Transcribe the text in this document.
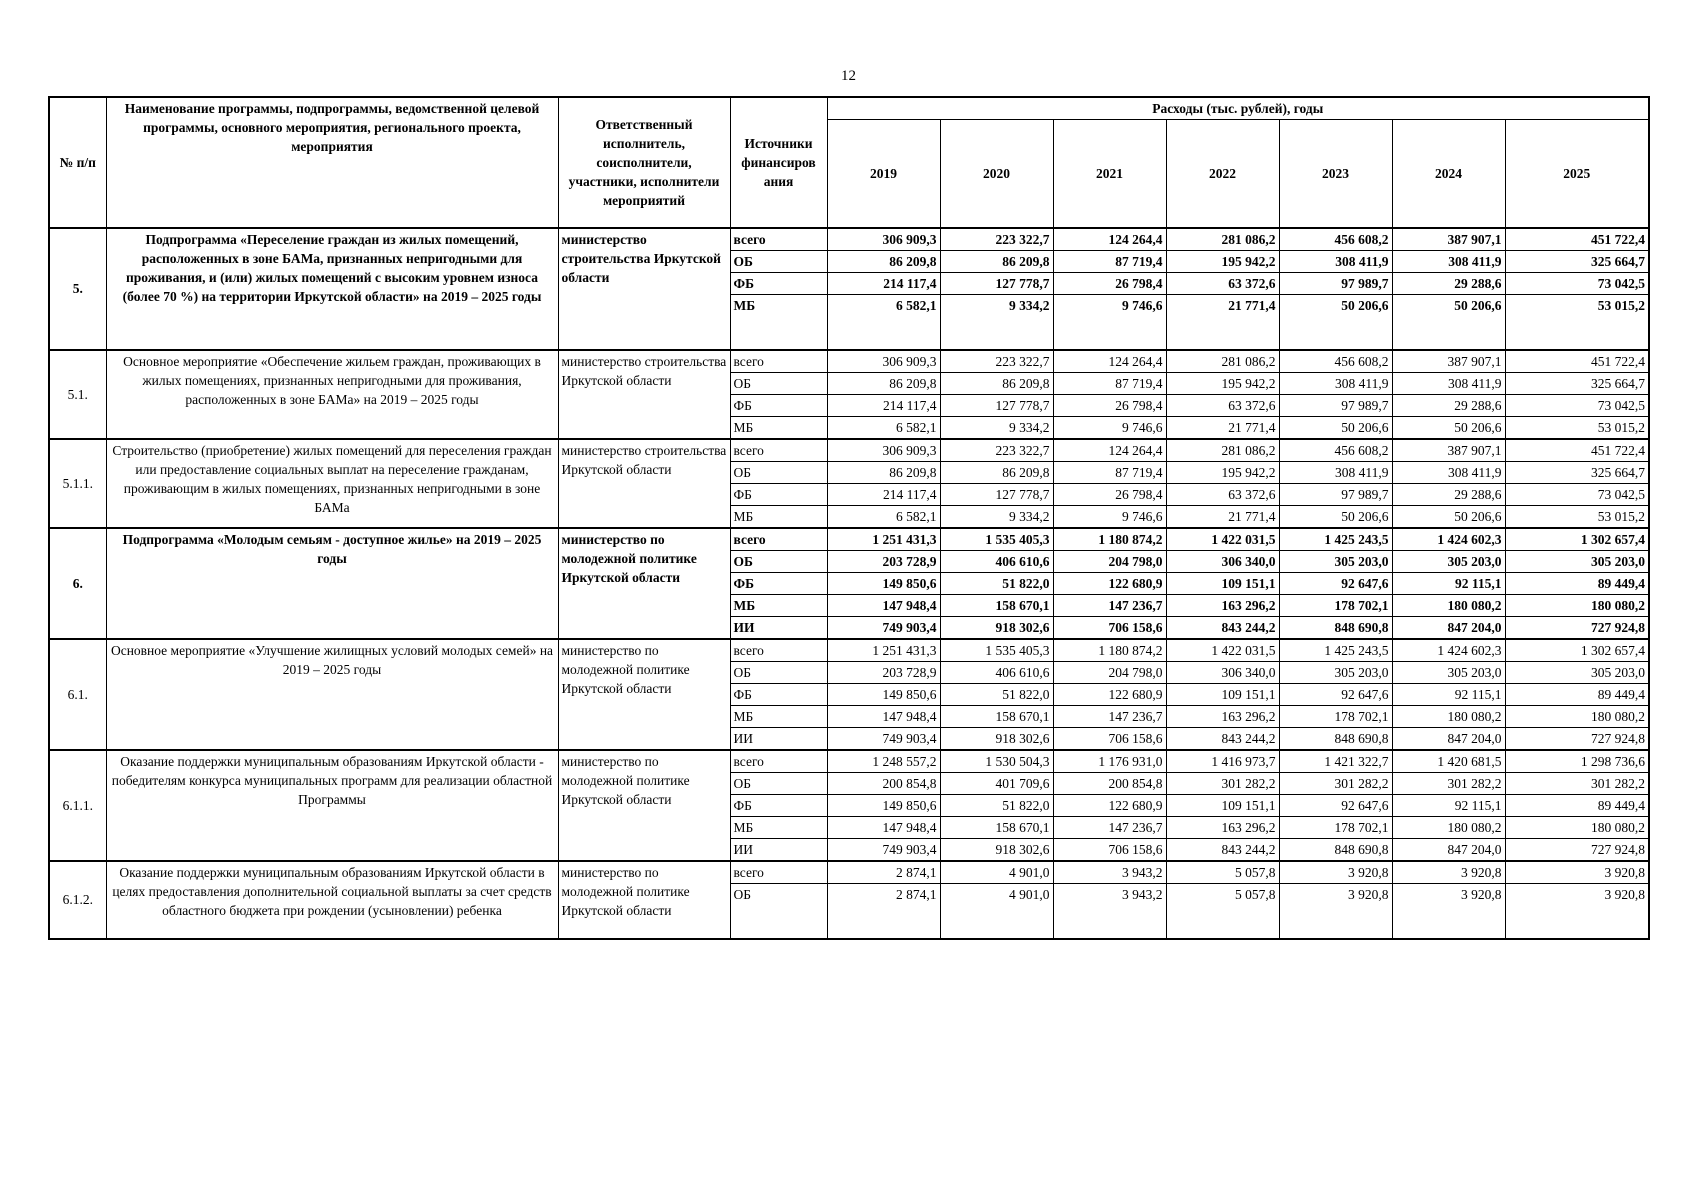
12
№ п/п	Наименование программы, подпрограммы, ведомственной целевой программы, основного мероприятия, регионального проекта, мероприятия	Ответственный исполнитель, соисполнители, участники, исполнители мероприятий	Источники финансиров ания	Расходы (тыс. рублей), годы						
				2019	2020	2021	2022	2023	2024	2025
5.	Подпрограмма «Переселение граждан из жилых помещений, расположенных в зоне БАМа, признанных непригодными для проживания, и (или) жилых помещений с высоким уровнем износа (более 70 %) на территории Иркутской области» на 2019 – 2025 годы	министерство строительства Иркутской области	всего	306 909,3	223 322,7	124 264,4	281 086,2	456 608,2	387 907,1	451 722,4
			ОБ	86 209,8	86 209,8	87 719,4	195 942,2	308 411,9	308 411,9	325 664,7
			ФБ	214 117,4	127 778,7	26 798,4	63 372,6	97 989,7	29 288,6	73 042,5
			МБ	6 582,1	9 334,2	9 746,6	21 771,4	50 206,6	50 206,6	53 015,2
5.1.	Основное мероприятие «Обеспечение жильем граждан, проживающих в жилых помещениях, признанных непригодными для проживания, расположенных в зоне БАМа» на 2019 – 2025 годы	министерство строительства Иркутской области	всего	306 909,3	223 322,7	124 264,4	281 086,2	456 608,2	387 907,1	451 722,4
			ОБ	86 209,8	86 209,8	87 719,4	195 942,2	308 411,9	308 411,9	325 664,7
			ФБ	214 117,4	127 778,7	26 798,4	63 372,6	97 989,7	29 288,6	73 042,5
			МБ	6 582,1	9 334,2	9 746,6	21 771,4	50 206,6	50 206,6	53 015,2
5.1.1.	Строительство (приобретение) жилых помещений для переселения граждан или предоставление социальных выплат на переселение гражданам, проживающим в жилых помещениях, признанных непригодными в зоне БАМа	министерство строительства Иркутской области	всего	306 909,3	223 322,7	124 264,4	281 086,2	456 608,2	387 907,1	451 722,4
			ОБ	86 209,8	86 209,8	87 719,4	195 942,2	308 411,9	308 411,9	325 664,7
			ФБ	214 117,4	127 778,7	26 798,4	63 372,6	97 989,7	29 288,6	73 042,5
			МБ	6 582,1	9 334,2	9 746,6	21 771,4	50 206,6	50 206,6	53 015,2
6.	Подпрограмма «Молодым семьям - доступное жилье» на 2019 – 2025 годы	министерство по молодежной политике Иркутской области	всего	1 251 431,3	1 535 405,3	1 180 874,2	1 422 031,5	1 425 243,5	1 424 602,3	1 302 657,4
			ОБ	203 728,9	406 610,6	204 798,0	306 340,0	305 203,0	305 203,0	305 203,0
			ФБ	149 850,6	51 822,0	122 680,9	109 151,1	92 647,6	92 115,1	89 449,4
			МБ	147 948,4	158 670,1	147 236,7	163 296,2	178 702,1	180 080,2	180 080,2
			ИИ	749 903,4	918 302,6	706 158,6	843 244,2	848 690,8	847 204,0	727 924,8
6.1.	Основное мероприятие «Улучшение жилищных условий молодых семей» на 2019 – 2025 годы	министерство по молодежной политике Иркутской области	всего	1 251 431,3	1 535 405,3	1 180 874,2	1 422 031,5	1 425 243,5	1 424 602,3	1 302 657,4
			ОБ	203 728,9	406 610,6	204 798,0	306 340,0	305 203,0	305 203,0	305 203,0
			ФБ	149 850,6	51 822,0	122 680,9	109 151,1	92 647,6	92 115,1	89 449,4
			МБ	147 948,4	158 670,1	147 236,7	163 296,2	178 702,1	180 080,2	180 080,2
			ИИ	749 903,4	918 302,6	706 158,6	843 244,2	848 690,8	847 204,0	727 924,8
6.1.1.	Оказание поддержки муниципальным образованиям Иркутской области - победителям конкурса муниципальных программ для реализации областной Программы	министерство по молодежной политике Иркутской области	всего	1 248 557,2	1 530 504,3	1 176 931,0	1 416 973,7	1 421 322,7	1 420 681,5	1 298 736,6
			ОБ	200 854,8	401 709,6	200 854,8	301 282,2	301 282,2	301 282,2	301 282,2
			ФБ	149 850,6	51 822,0	122 680,9	109 151,1	92 647,6	92 115,1	89 449,4
			МБ	147 948,4	158 670,1	147 236,7	163 296,2	178 702,1	180 080,2	180 080,2
			ИИ	749 903,4	918 302,6	706 158,6	843 244,2	848 690,8	847 204,0	727 924,8
6.1.2.	Оказание поддержки муниципальным образованиям Иркутской области в целях предоставления дополнительной социальной выплаты за счет средств областного бюджета при рождении (усыновлении) ребенка	министерство по молодежной политике Иркутской области	всего	2 874,1	4 901,0	3 943,2	5 057,8	3 920,8	3 920,8	3 920,8
			ОБ	2 874,1	4 901,0	3 943,2	5 057,8	3 920,8	3 920,8	3 920,8
